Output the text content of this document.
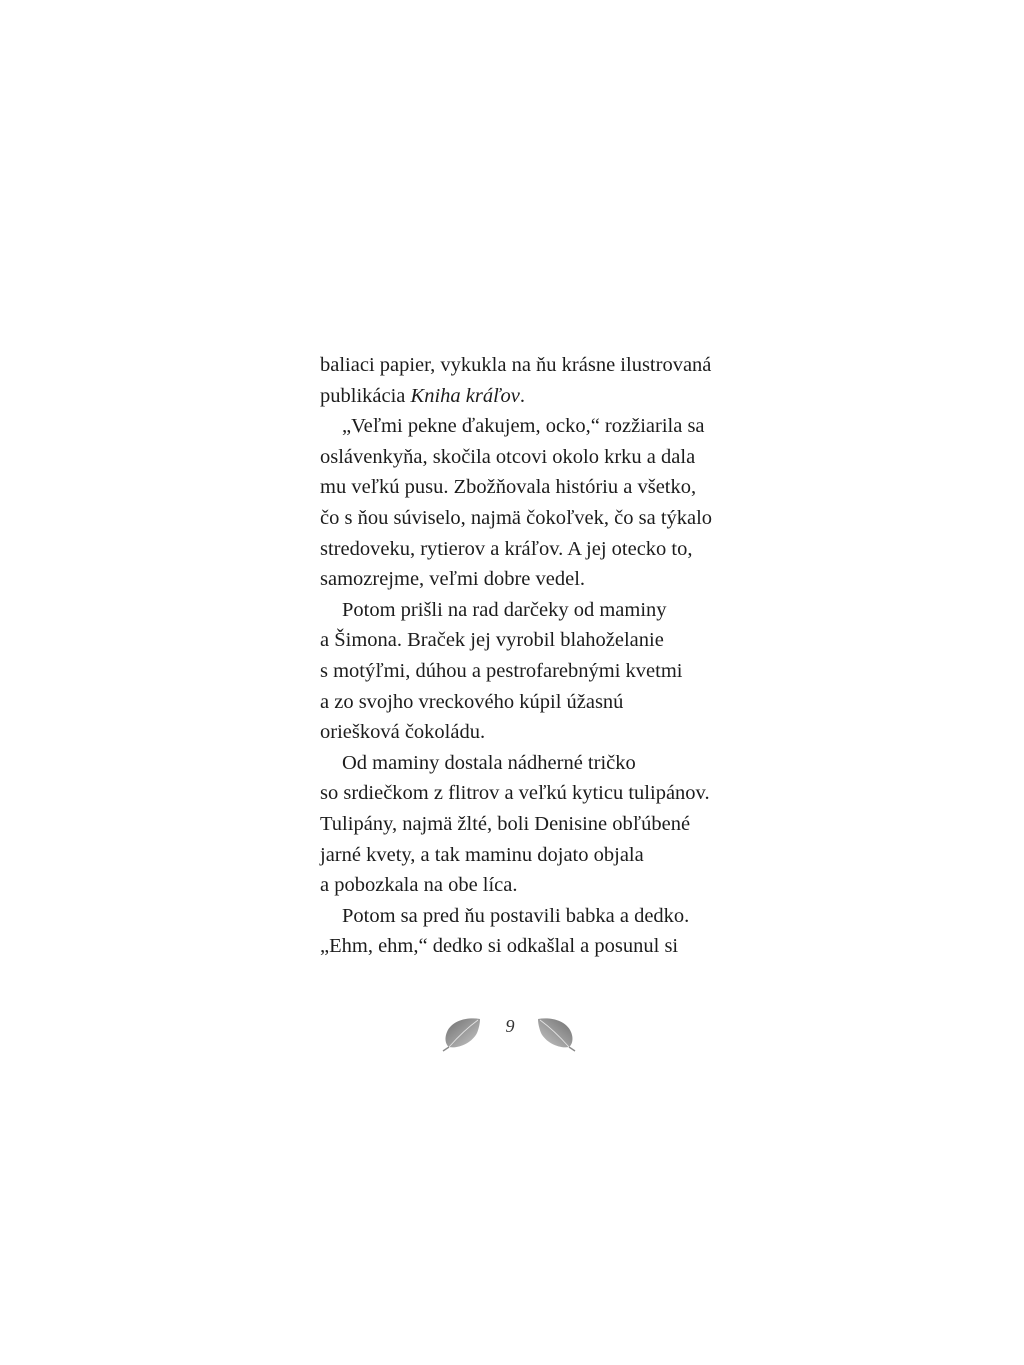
baliaci papier, vykukla na ňu krásne ilustrovaná
publikácia Kniha kráľov.
„Veľmi pekne ďakujem, ocko,“ rozžiarila sa
oslávenkyňa, skočila otcovi okolo krku a dala
mu veľkú pusu. Zbožňovala históriu a všetko,
čo s ňou súviselo, najmä čokoľvek, čo sa týkalo
stredoveku, rytierov a kráľov. A jej otecko to,
samozrejme, veľmi dobre vedel.
Potom prišli na rad darčeky od maminy
a Šimona. Braček jej vyrobil blahoželanie
s motýľmi, dúhou a pestrofarebnými kvetmi
a zo svojho vreckového kúpil úžasnú
oriešková čokoládu.
Od maminy dostala nádherné tričko
so srdiečkom z flitrov a veľkú kyticu tulipánov.
Tulipány, najmä žlté, boli Denisine obľúbené
jarné kvety, a tak maminu dojato objala
a pobozkala na obe líca.
Potom sa pred ňu postavili babka a dedko.
„Ehm, ehm,“ dedko si odkašlal a posunul si
9
